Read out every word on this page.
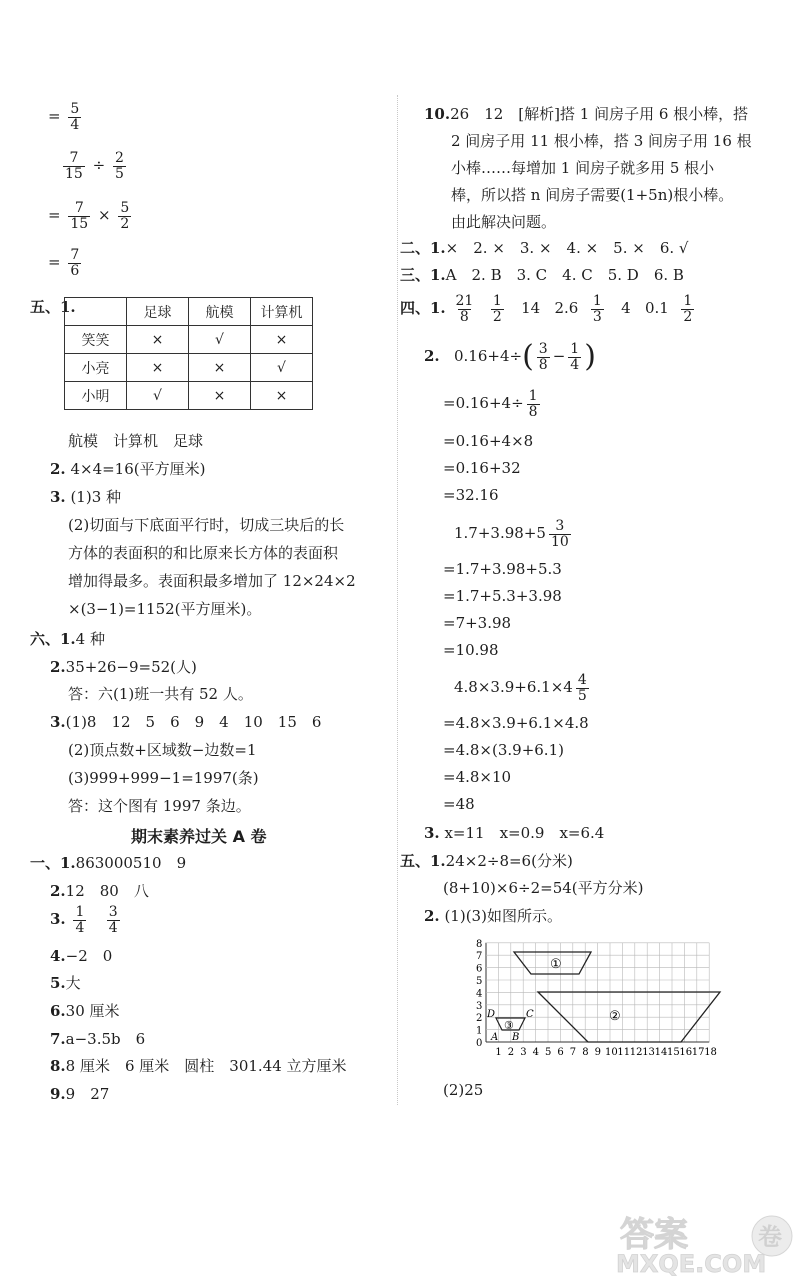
= $\frac{5}{4}$
$\frac{7}{15} \div \frac{2}{5}$
= $\frac{7}{15} \times \frac{5}{2}$
= $\frac{7}{6}$
五、1.
		足球	航模	计算机
笑笑	×	√	×
小亮	×	×	√
小明	√	×	×
航模　计算机　足球
2. 4×4=16(平方厘米)
3. (1)3 种
(2)切面与下底面平行时，切成三块后的长
方体的表面积的和比原来长方体的表面积
增加得最多。表面积最多增加了 12×24×2
×(3−1)=1152(平方厘米)。
六、1.4 种
2.35+26−9=52(人)
答：六(1)班一共有 52 人。
3.(1)8　12　5　6　9　4　10　15　6
(2)顶点数+区域数−边数=1
(3)999+999−1=1997(条)
答：这个图有 1997 条边。
期末素养过关 A 卷
一、1.863000510　9
2.12　80　八
3. $\frac{1}{4}$
$\frac{3}{4}$
4.−2　0
5.大
6.30 厘米
7.a−3.5b　6
8.8 厘米　6 厘米　圆柱　301.44 立方厘米
9.9　27
10.26　12　[解析]搭 1 间房子用 6 根小棒，搭
2 间房子用 11 根小棒，搭 3 间房子用 16 根
小棒……每增加 1 间房子就多用 5 根小
棒，所以搭 n 间房子需要(1+5n)根小棒。
由此解决问题。
二、1.×　2. ×　3. ×　4. ×　5. ×　6. √
三、1.A　2. B　3. C　4. C　5. D　6. B
四、1. $\frac{21}{8}$
$\frac{1}{2} 14$ $2.6 \frac{1}{3} 4$ $0.1 \frac{1}{2}$
2. $0.16+4\div( \frac{3}{8} - \frac{1}{4}$ )
$=0.16+4\div \frac{1}{8}$
=0.16+4×8
=0.16+32
=32.16
$1.7+3.98+5 \frac{3}{10}$
=1.7+3.98+5.3
=1.7+5.3+3.98
=7+3.98
=10.98
$4.8\times 3.9+6.1\times 4 \frac{4}{5}$
=4.8×3.9+6.1×4.8
=4.8×(3.9+6.1)
=4.8×10
=48
3. x=11　x=0.9　x=6.4
五、1.24×2÷8=6(分米)
(8+10)×6÷2=54(平方分米)
2. (1)(3)如图所示。
0
1
2
3
4
5
6
7
8
1 2 3 4 5 6 7 8 9 10 11 12 13 14 15 16 17 18
①
②
③
D	C
A B
(2)25
答案	卷
MXQE.COM
